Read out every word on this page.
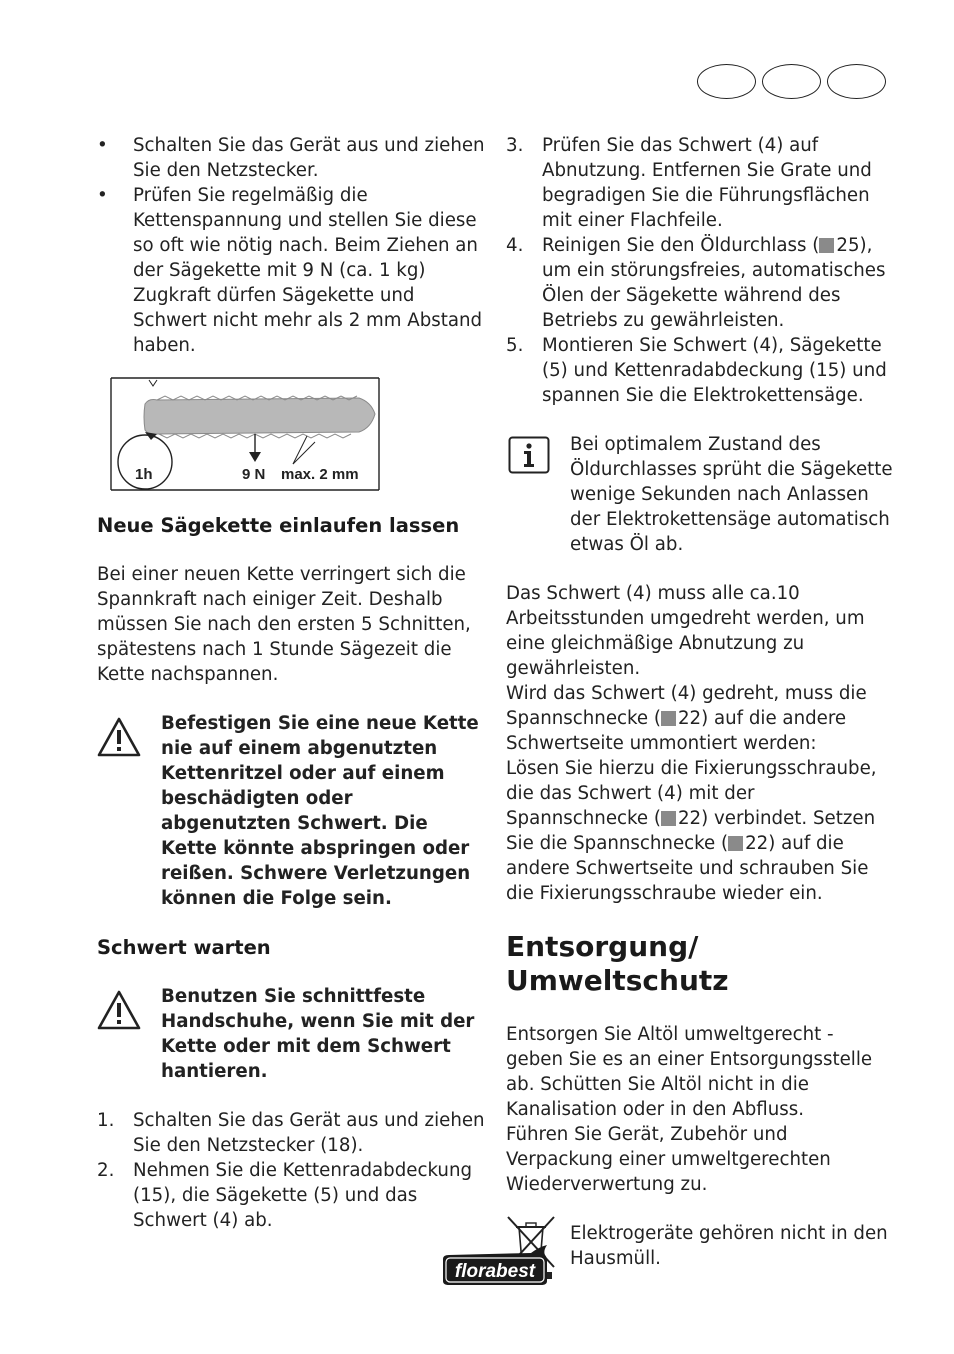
•	Schalten Sie das Gerät aus und ziehen Sie den Netzstecker.
•	Prüfen Sie regelmäßig die Kettenspannung und stellen Sie diese so oft wie nötig nach. Beim Ziehen an der Sägekette mit 9 N (ca. 1 kg) Zugkraft dürfen Sägekette und Schwert nicht mehr als 2 mm Abstand haben.
1h	9 N max. 2 mm
Neue Sägekette einlaufen lassen
Bei einer neuen Kette verringert sich die Spannkraft nach einiger Zeit. Deshalb müssen Sie nach den ersten 5 Schnitten, spätestens nach 1 Stunde Sägezeit die Kette nachspannen.
Befestigen Sie eine neue Kette nie auf einem abgenutzten Kettenritzel oder auf einem beschädigten oder abgenutzten Schwert. Die Kette könnte abspringen oder reißen. Schwere Verletzungen können die Folge sein.
Schwert warten
Benutzen Sie schnittfeste Handschuhe, wenn Sie mit der Kette oder mit dem Schwert hantieren.
1. Schalten Sie das Gerät aus und ziehen Sie den Netzstecker (18).
2. Nehmen Sie die Kettenradabdeckung (15), die Sägekette (5) und das Schwert (4) ab.
3. Prüfen Sie das Schwert (4) auf Abnutzung. Entfernen Sie Grate und begradigen Sie die Führungsflächen mit einer Flachfeile.
4. Reinigen Sie den Öldurchlass ( 25), um ein störungsfreies, automatisches Ölen der Sägekette während des Betriebs zu gewährleisten.
5. Montieren Sie Schwert (4), Sägekette (5) und Kettenradabdeckung (15) und spannen Sie die Elektrokettensäge.
Bei optimalem Zustand des Öldurchlasses sprüht die Sägekette wenige Sekunden nach Anlassen der Elektrokettensäge automatisch etwas Öl ab.
Das Schwert (4) muss alle ca.10 Arbeitsstunden umgedreht werden, um eine gleichmäßige Abnutzung zu gewährleisten.
Wird das Schwert (4) gedreht, muss die Spannschnecke ( 22) auf die andere Schwertseite ummontiert werden:
Lösen Sie hierzu die Fixierungsschraube, die das Schwert (4) mit der Spannschnecke ( 22) verbindet. Setzen Sie die Spannschnecke ( 22) auf die andere Schwertseite und schrauben Sie die Fixierungsschraube wieder ein.
Entsorgung/ Umweltschutz
Entsorgen Sie Altöl umweltgerecht - geben Sie es an einer Entsorgungsstelle ab. Schütten Sie Altöl nicht in die Kanalisation oder in den Abfluss.
Führen Sie Gerät, Zubehör und Verpackung einer umweltgerechten Wiederverwertung zu.
Elektrogeräte gehören nicht in den Hausmüll.
florabest
